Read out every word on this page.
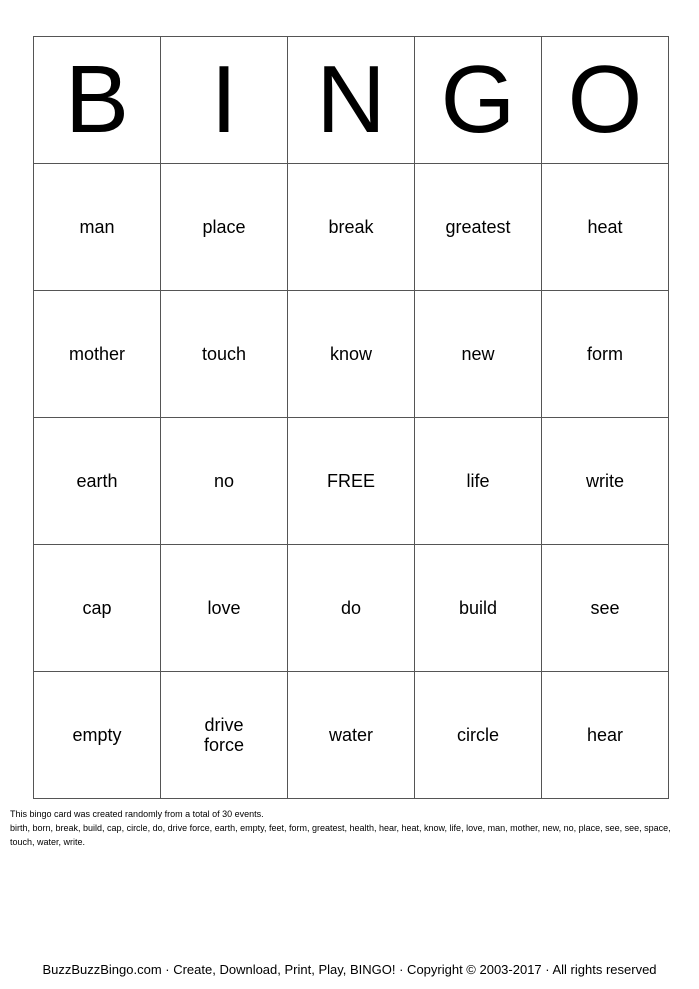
B	I	N	G	O
man	place	break	greatest	heat
mother	touch	know	new	form
earth	no	FREE	life	write
cap	love	do	build	see
empty	drive force	water	circle	hear
This bingo card was created randomly from a total of 30 events.
birth, born, break, build, cap, circle, do, drive force, earth, empty, feet, form, greatest, health, hear, heat, know, life, love, man, mother, new, no, place, see, see, space, touch, water, write.
BuzzBuzzBingo.com · Create, Download, Print, Play, BINGO! · Copyright © 2003-2017 · All rights reserved
